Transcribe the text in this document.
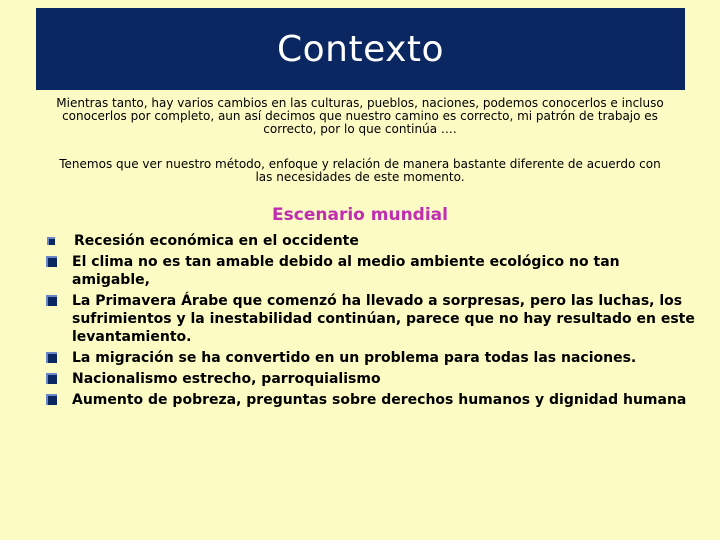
Contexto

Mientras tanto, hay varios cambios en las culturas, pueblos, naciones, podemos conocerlos e incluso conocerlos por completo, aun así decimos que nuestro camino es correcto, mi patrón de trabajo es correcto, por lo que continúa ….

Tenemos que ver nuestro método, enfoque y relación de manera bastante diferente de acuerdo con las necesidades de este momento.

Escenario mundial
Recesión económica en el occidente
El clima no es tan amable debido al medio ambiente ecológico no tan amigable,
La Primavera Árabe que comenzó ha llevado a sorpresas, pero las luchas, los sufrimientos y la inestabilidad continúan, parece que no hay resultado en este levantamiento.
La migración se ha convertido en un problema para todas las naciones.
Nacionalismo estrecho, parroquialismo
Aumento de pobreza, preguntas sobre derechos humanos y dignidad humana
